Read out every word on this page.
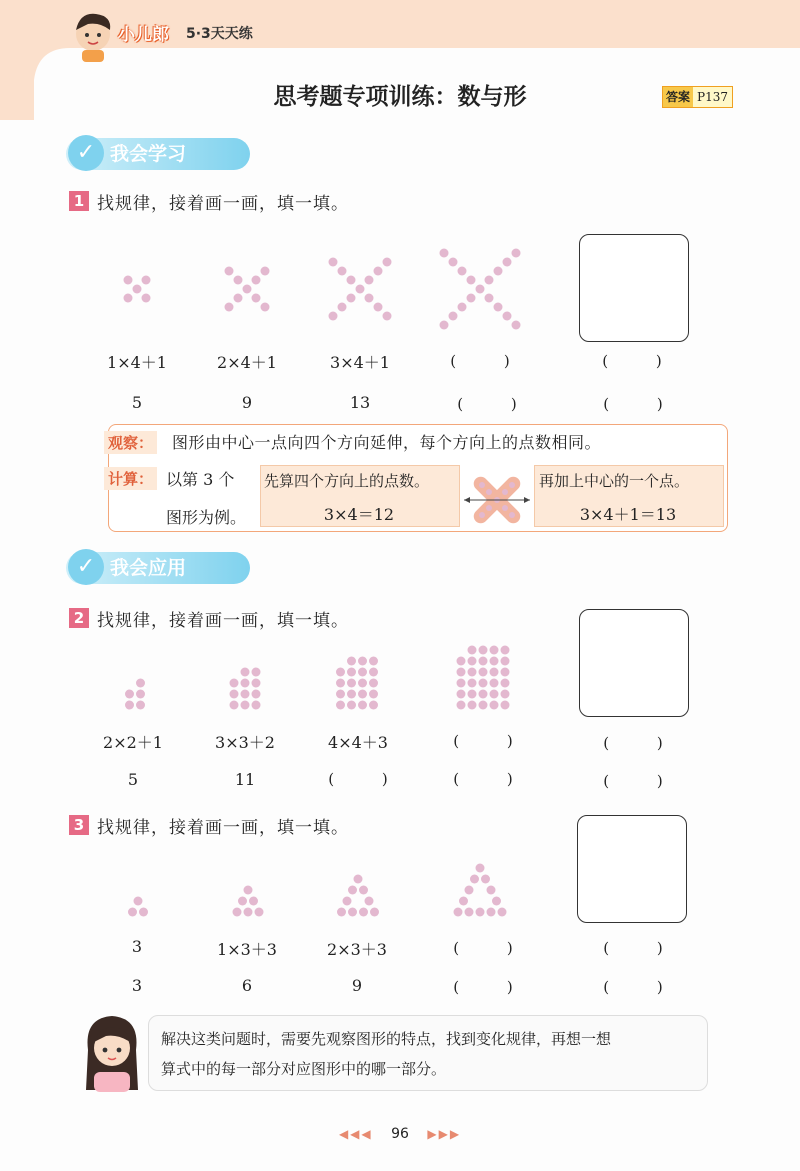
小儿郎 5·3天天练
思考题专项训练：数与形	答案 P137
✓ 我会学习
1 找规律，接着画一画，填一填。
1×4＋1	2×4＋1	3×4＋1	(          )	(          )
5	9	13	(          )	(          )
观察： 图形由中心一点向四个方向延伸，每个方向上的点数相同。
计算： 以第 3 个
图形为例。
先算四个方向上的点数。
3×4＝12
再加上中心的一个点。
3×4＋1＝13
✓ 我会应用
2 找规律，接着画一画，填一填。
2×2＋1	3×3＋2	4×4＋3	(          )	(          )
5	11	(          )	(          )	(          )
3 找规律，接着画一画，填一填。
3	1×3＋3	2×3＋3	(          )	(          )
3	6	9	(          )	(          )
解决这类问题时，需要先观察图形的特点，找到变化规律，再想一想
算式中的每一部分对应图形中的哪一部分。
◀◀◀ 96 ▶▶▶
